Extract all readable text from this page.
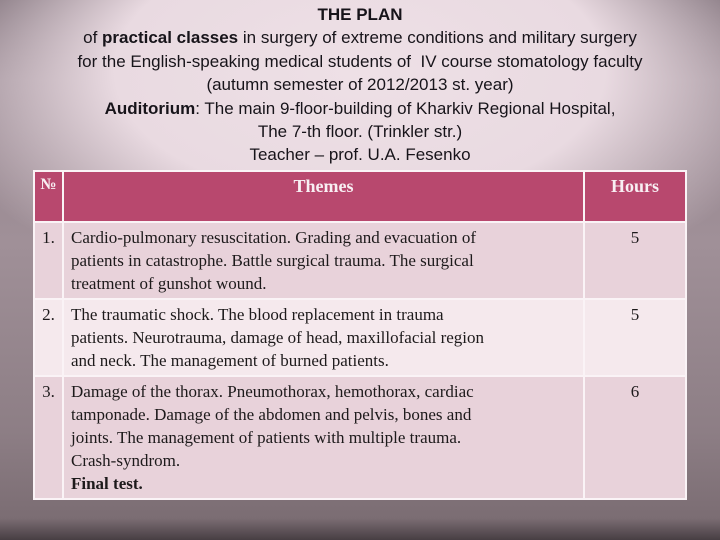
THE PLAN
of practical classes in surgery of extreme conditions and military surgery
for the English-speaking medical students of  IV course stomatology faculty
(autumn semester of 2012/2013 st. year)
Auditorium: The main 9-floor-building of Kharkiv Regional Hospital,
The 7-th floor. (Trinkler str.)
Teacher – prof. U.A. Fesenko
№	Themes	Hours
1.	Cardio-pulmonary resuscitation. Grading and evacuation of
patients in catastrophe. Battle surgical trauma. The surgical
treatment of gunshot wound.	5
2.	The traumatic shock. The blood replacement in trauma
patients. Neurotrauma, damage of head, maxillofacial region
and neck. The management of burned patients.	5
3.	Damage of the thorax. Pneumothorax, hemothorax, cardiac
tamponade. Damage of the abdomen and pelvis, bones and
joints. The management of patients with multiple trauma.
Crash-syndrom.
Final test.	6
